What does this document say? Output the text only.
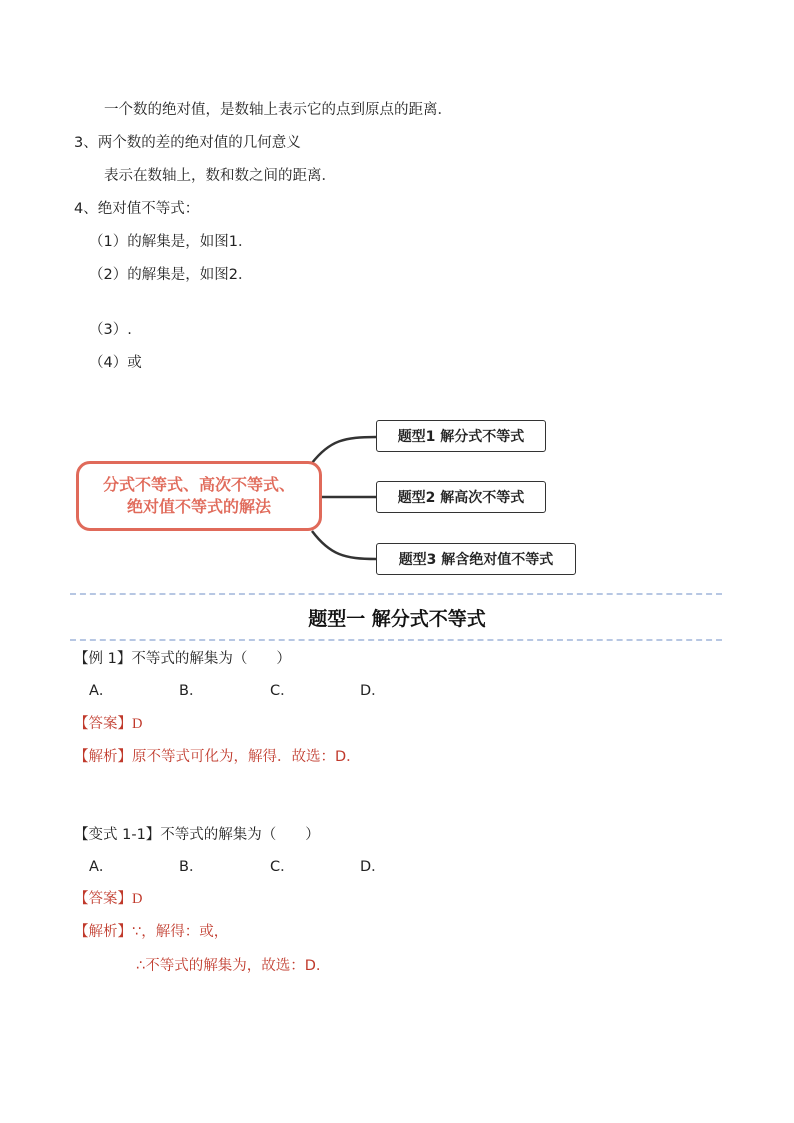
一个数的绝对值，是数轴上表示它的点到原点的距离．
3、两个数的差的绝对值的几何意义
表示在数轴上，数和数之间的距离．
4、绝对值不等式：
（1）的解集是，如图1．
（2）的解集是，如图2．
（3）.
（4）或
分式不等式、高次不等式、
绝对值不等式的解法
题型1 解分式不等式
题型2 解高次不等式
题型3 解含绝对值不等式
题型一 解分式不等式
【例 1】不等式的解集为（　　）
A．	B．	C．	D．
【答案】D
【解析】原不等式可化为，解得．故选：D．
【变式 1-1】不等式的解集为（　　）
A．	B．	C．	D．
【答案】D
【解析】∵，解得：或，
∴不等式的解集为，故选：D.
